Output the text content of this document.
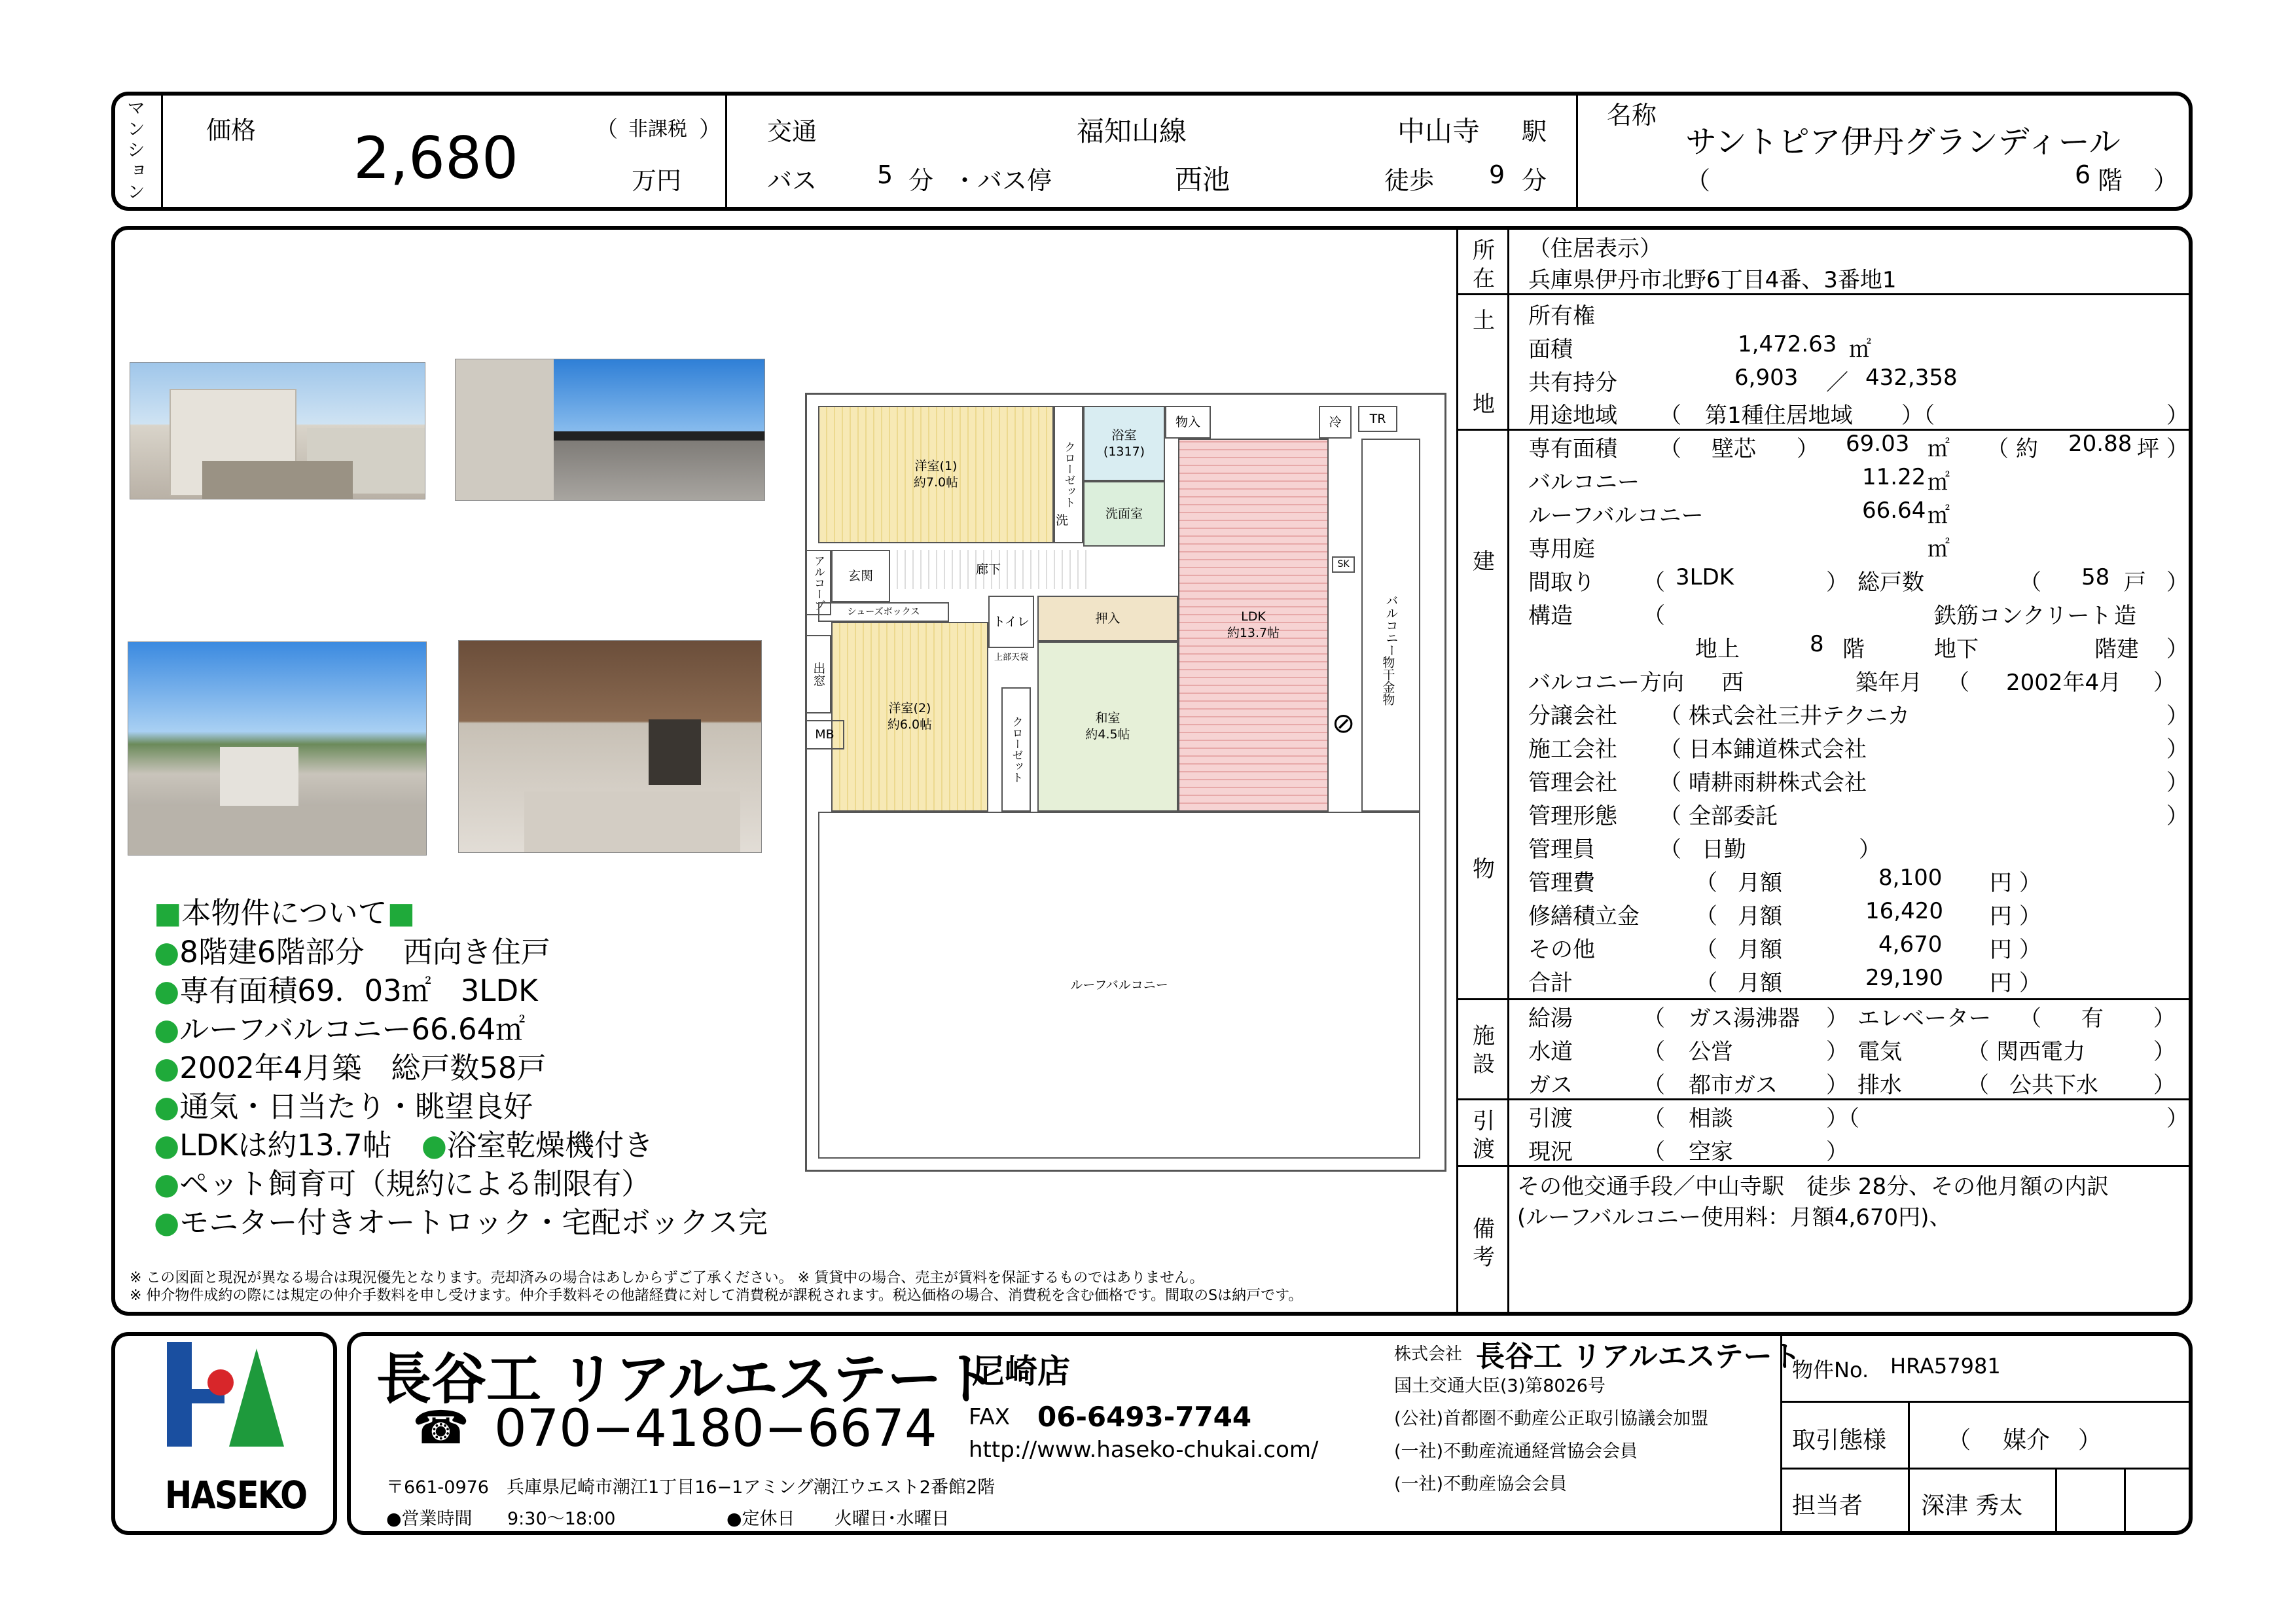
マンション 価格	（ 非課税 ）
2,680	万円
交通	福知山線	中山寺 駅
バス 5 分 ・バス停	西池	徒歩 9 分
名称
サントピア伊丹グランディール
（	6 階 ）
■本物件について■
●8階建6階部分　 西向き住戸
●専有面積69．03㎡　3LDK
●ルーフバルコニー66.64㎡
●2002年4月築　総戸数58戸
●通気・日当たり・眺望良好
●LDKは約13.7帖　 ●浴室乾燥機付き
●ペット飼育可（規約による制限有）
●モニター付きオートロック・宅配ボックス完
※ この図面と現況が異なる場合は現況優先となります。売却済みの場合はあしからずご了承ください。 ※ 賃貸中の場合、売主が賃料を保証するものではありません。
※ 仲介物件成約の際には規定の仲介手数料を申し受けます。仲介手数料その他諸経費に対して消費税が課税されます。税込価格の場合、消費税を含む価格です。間取のSは納戸です。
洋室(1)
約7.0帖	クローゼット
浴室
(1317)
物入	冷	TR
洗	洗面室
アルコーブ	玄関	廊下
シューズボックス
トイレ	押入	LDK
約13.7帖	バルコニー
出窓
洋室(2)
約6.0帖
上部天袋
クローゼット	和室
約4.5帖
物干金物
MB
SK
ルーフバルコニー
⊘
所
在
土
地
建
物
施
設
引
渡
備
考
（住居表示）
兵庫県伊丹市北野6丁目4番、3番地1
所有権
面積	1,472.63 ㎡
共有持分	6,903 ／ 432,358
用途地域 （ 第1種住居地域 ）（	）
専有面積 （ 壁芯 ） 69.03 ㎡ （ 約 20.88 坪 ）
バルコニー	11.22 ㎡
ルーフバルコニー	66.64 ㎡
専用庭	㎡
間取り （ 3LDK	） 総戸数	（ 58 戸 ）
構造	（	鉄筋コンクリート 造
地上	8 階	地下	階建 ）
バルコニー方向 西	築年月 （ 2002年4月 ）
分譲会社 （ 株式会社三井テクニカ	）
施工会社 （ 日本鋪道株式会社	）
管理会社 （ 晴耕雨耕株式会社	）
管理形態 （ 全部委託	）
管理員	（ 日勤	）
管理費	（ 月額	8,100 円 ）
修繕積立金	（ 月額	16,420 円 ）
その他	（ 月額	4,670 円 ）
合計	（ 月額	29,190 円 ）
給湯	（ ガス湯沸器 ） エレベーター （ 有 ）
水道	（ 公営	） 電気	（ 関西電力	）
ガス	（ 都市ガス ） 排水	（ 公共下水 ）
引渡	（ 相談	）（	）
現況	（ 空家	）
その他交通手段／中山寺駅　徒歩 28分、その他月額の内訳
(ルーフバルコニー使用料：月額4,670円)、
HASEKO
長谷工 リアルエステート
尼崎店
☎ 070−4180−6674 FAX 06-6493-7744
http://www.haseko-chukai.com/
〒661-0976　兵庫県尼崎市潮江1丁目16−1アミング潮江ウエスト2番館2階
●営業時間 9:30〜18:00	●定休日 火曜日･水曜日
株式会社 長谷工 リアルエステート
国土交通大臣(3)第8026号
(公社)首都圏不動産公正取引協議会加盟
(一社)不動産流通経営協会会員
(一社)不動産協会会員
物件No. HRA57981
取引態様	（ 媒介 ）
担当者 深津 秀太
